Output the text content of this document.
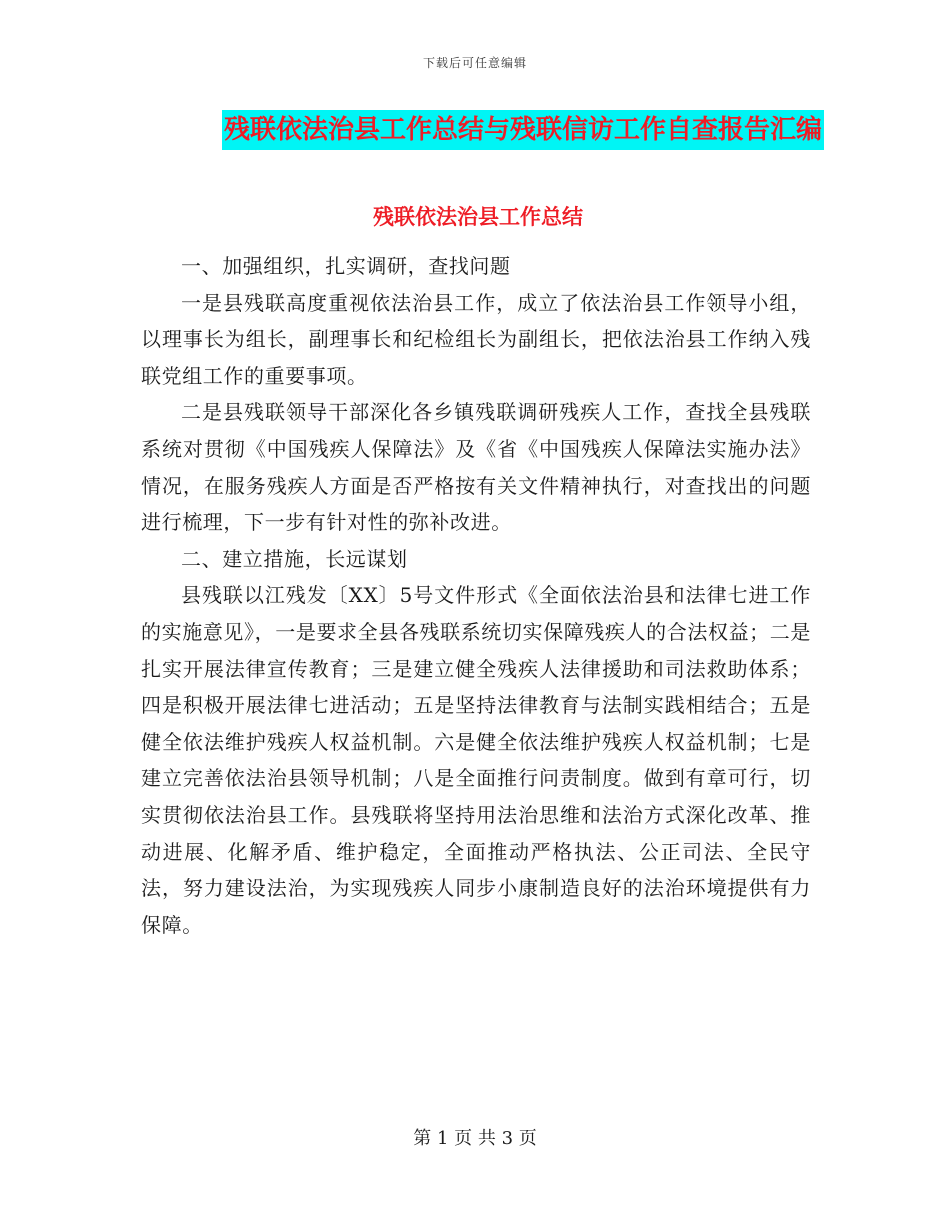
下载后可任意编辑
残联依法治县工作总结与残联信访工作自查报告汇编
残联依法治县工作总结

一、加强组织，扎实调研，查找问题

一是县残联高度重视依法治县工作，成立了依法治县工作领导小组，以理事长为组长，副理事长和纪检组长为副组长，把依法治县工作纳入残联党组工作的重要事项。

二是县残联领导干部深化各乡镇残联调研残疾人工作，查找全县残联系统对贯彻《中国残疾人保障法》及《省《中国残疾人保障法实施办法》情况，在服务残疾人方面是否严格按有关文件精神执行，对查找出的问题进行梳理，下一步有针对性的弥补改进。

二、建立措施，长远谋划

县残联以江残发〔XX〕5号文件形式《全面依法治县和法律七进工作的实施意见》，一是要求全县各残联系统切实保障残疾人的合法权益；二是扎实开展法律宣传教育；三是建立健全残疾人法律援助和司法救助体系；四是积极开展法律七进活动；五是坚持法律教育与法制实践相结合；五是健全依法维护残疾人权益机制。六是健全依法维护残疾人权益机制；七是建立完善依法治县领导机制；八是全面推行问责制度。做到有章可行，切实贯彻依法治县工作。县残联将坚持用法治思维和法治方式深化改革、推动进展、化解矛盾、维护稳定，全面推动严格执法、公正司法、全民守法，努力建设法治，为实现残疾人同步小康制造良好的法治环境提供有力保障。

第 1 页 共 3 页
